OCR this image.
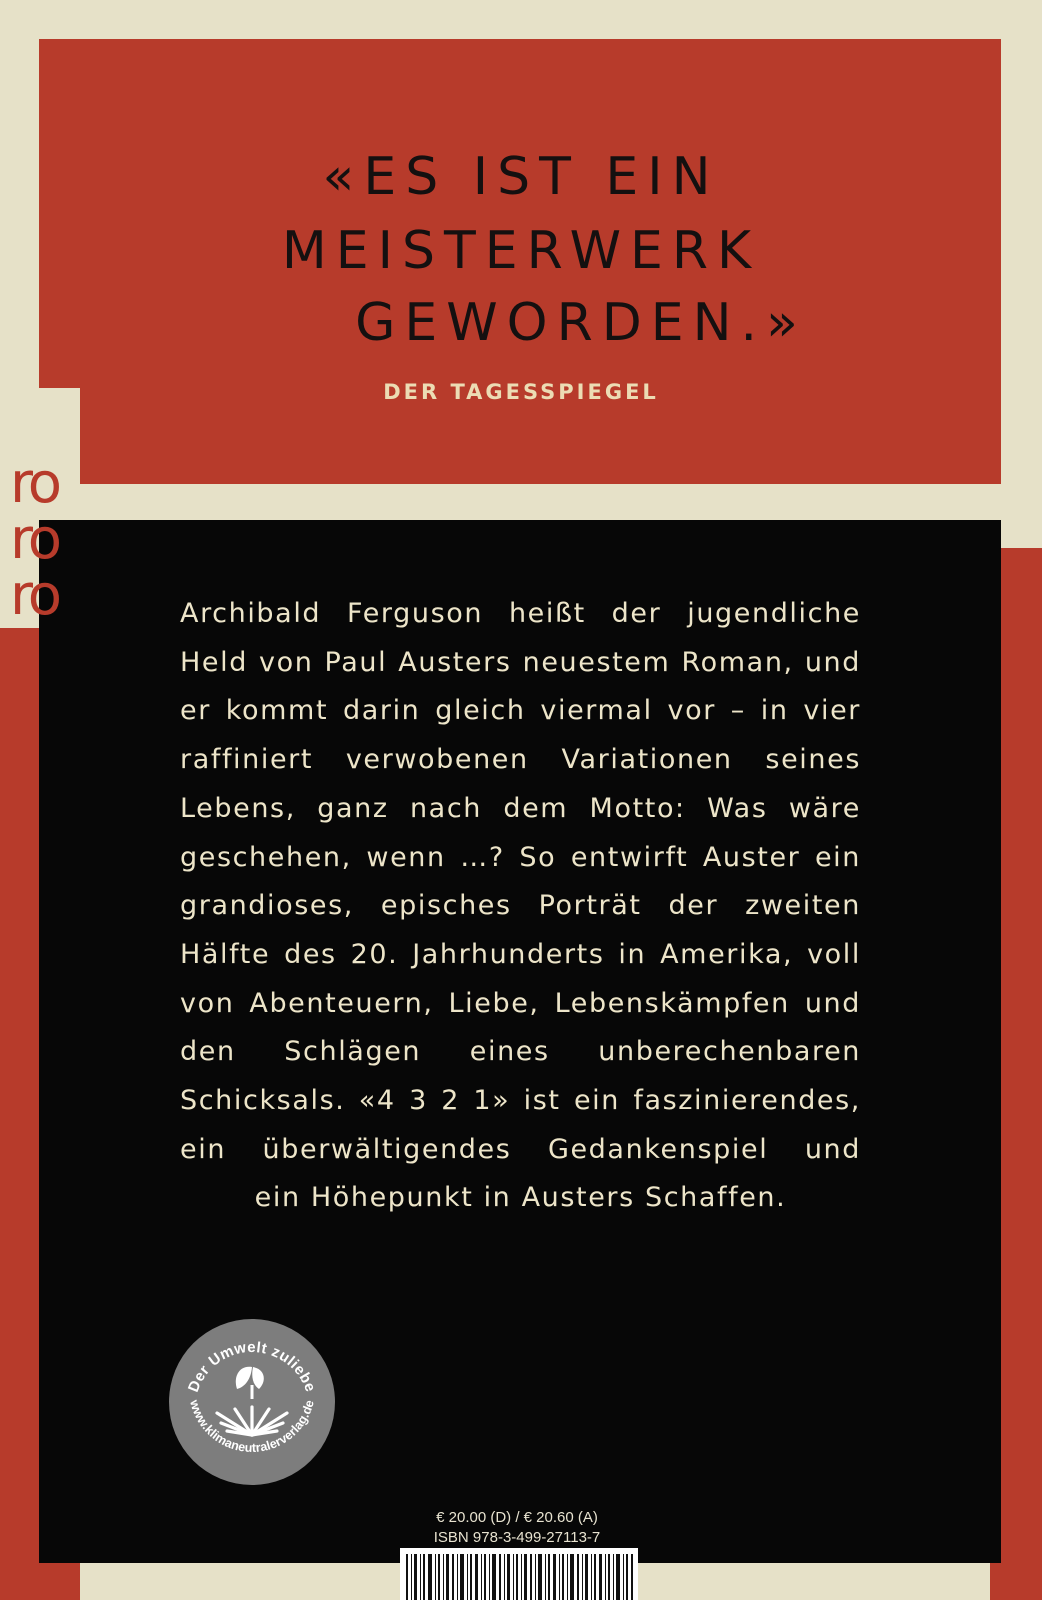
«ES IST EIN
MEISTERWERK
GEWORDEN.»
DER TAGESSPIEGEL
ro
ro
ro	Archibald Ferguson heißt der jugendliche Held von Paul Austers neuestem Roman, und er kommt darin gleich viermal vor – in vier raffiniert verwobenen Variationen seines Lebens, ganz nach dem Motto: Was wäre geschehen, wenn …? So entwirft Auster ein grandioses, episches Porträt der zweiten Hälfte des 20. Jahrhunderts in Amerika, voll von Abenteuern, Liebe, Lebenskämpfen und den Schlägen eines unberechenbaren Schicksals. «4 3 2 1» ist ein faszinierendes, ein überwältigendes Gedankenspiel und

ein Höhepunkt in Austers Schaffen.
Der Umwelt zuliebe
www.klimaneutralerverlag.de
€ 20.00 (D) / € 20.60 (A)
ISBN 978-3-499-27113-7
